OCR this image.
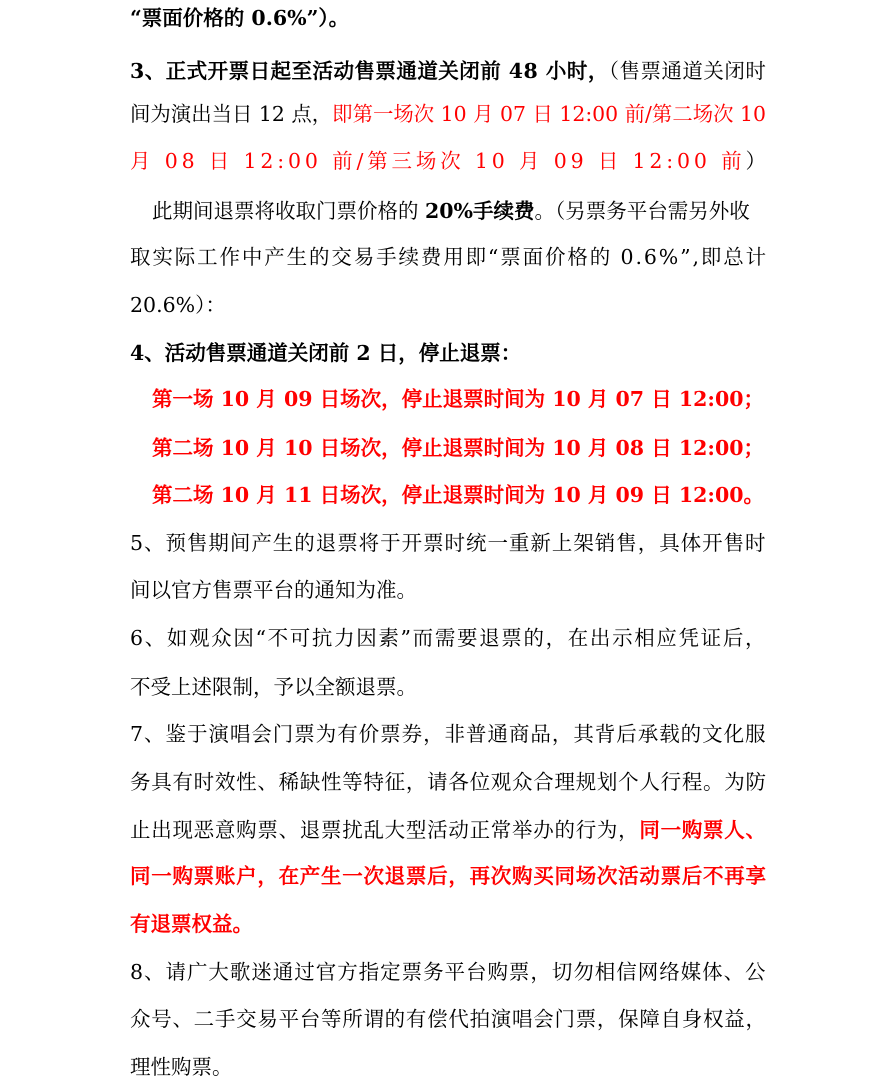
“票面价格的 0.6%”）。
3、正式开票日起至活动售票通道关闭前 48 小时，（售票通道关闭时
间为演出当日 12 点，即第一场次 10 月 07 日 12:00 前/第二场次 10
月 08 日 12:00 前/第三场次 10 月 09 日 12:00 前）
此期间退票将收取门票价格的 20%手续费。（另票务平台需另外收
取实际工作中产生的交易手续费用即“票面价格的 0.6%”,即总计
20.6%）：
4、活动售票通道关闭前 2 日，停止退票：
第一场 10 月 09 日场次，停止退票时间为 10 月 07 日 12:00；
第二场 10 月 10 日场次，停止退票时间为 10 月 08 日 12:00；
第二场 10 月 11 日场次，停止退票时间为 10 月 09 日 12:00。
5、预售期间产生的退票将于开票时统一重新上架销售，具体开售时
间以官方售票平台的通知为准。
6、如观众因“不可抗力因素”而需要退票的，在出示相应凭证后，
不受上述限制，予以全额退票。
7、鉴于演唱会门票为有价票券，非普通商品，其背后承载的文化服
务具有时效性、稀缺性等特征，请各位观众合理规划个人行程。为防
止出现恶意购票、退票扰乱大型活动正常举办的行为，同一购票人、
同一购票账户，在产生一次退票后，再次购买同场次活动票后不再享
有退票权益。
8、请广大歌迷通过官方指定票务平台购票，切勿相信网络媒体、公
众号、二手交易平台等所谓的有偿代拍演唱会门票，保障自身权益，
理性购票。
